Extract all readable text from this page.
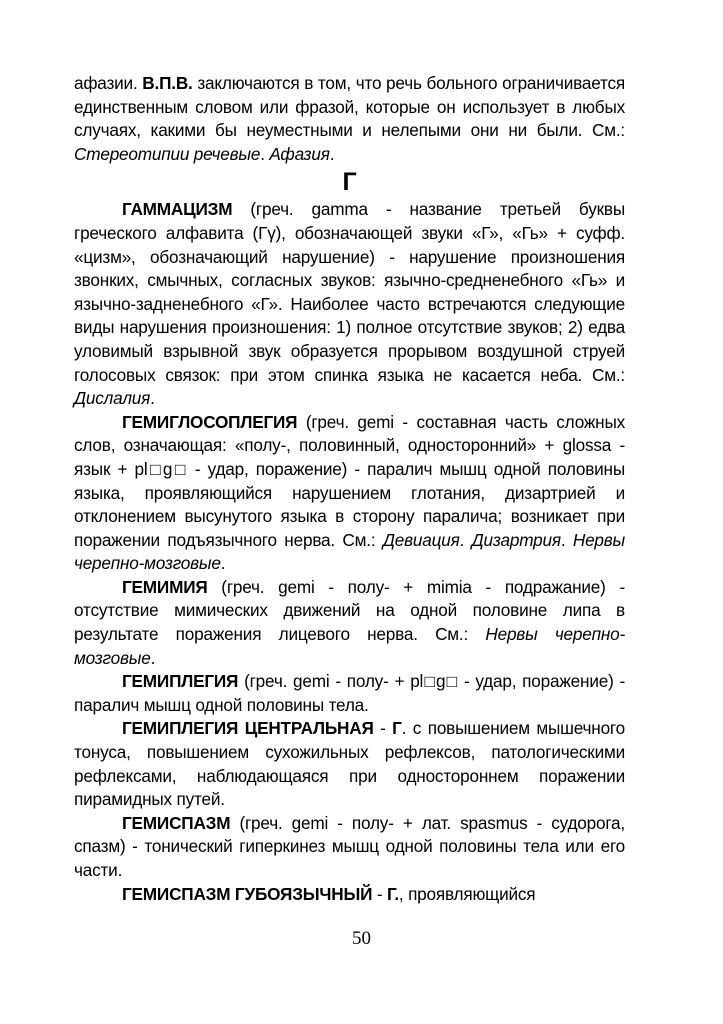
афазии. В.П.В. заключаются в том, что речь больного ограничивается единственным словом или фразой, которые он использует в любых случаях, какими бы неуместными и нелепыми они ни были. См.: Стереотипии речевые. Афазия.

Г

ГАММАЦИЗМ (греч. gamma - название третьей буквы греческого алфавита (Гγ), обозначающей звуки «Г», «Гь» + суфф. «цизм», обозначающий нарушение) - нарушение произношения звонких, смычных, согласных звуков: язычно-средненебного «Гь» и язычно-задненебного «Г». Наиболее часто встречаются следующие виды нарушения произношения: 1) полное отсутствие звуков; 2) едва уловимый взрывной звук образуется прорывом воздушной струей голосовых связок: при этом спинка языка не касается неба. См.: Дислалия.

ГЕМИГЛОСОПЛЕГИЯ (греч. gemi - составная часть сложных слов, означающая: «полу-, половинный, односторонний» + glossa - язык + pl□g□ - удар, поражение) - паралич мышц одной половины языка, проявляющийся нарушением глотания, дизартрией и отклонением высунутого языка в сторону паралича; возникает при поражении подъязычного нерва. См.: Девиация. Дизартрия. Нервы черепно-мозговые.

ГЕМИМИЯ (греч. gemi - полу- + mimia - подражание) - отсутствие мимических движений на одной половине липа в результате поражения лицевого нерва. См.: Нервы черепно-мозговые.

ГЕМИПЛЕГИЯ (греч. gemi - полу- + pl□g□ - удар, поражение) - паралич мышц одной половины тела.

ГЕМИПЛЕГИЯ ЦЕНТРАЛЬНАЯ - Г. с повышением мышечного тонуса, повышением сухожильных рефлексов, патологическими рефлексами, наблюдающаяся при одностороннем поражении пирамидных путей.

ГЕМИСПАЗМ (греч. gemi - полу- + лат. spasmus - судорога, спазм) - тонический гиперкинез мышц одной половины тела или его части.

ГЕМИСПАЗМ ГУБОЯЗЫЧНЫЙ - Г., проявляющийся

50
